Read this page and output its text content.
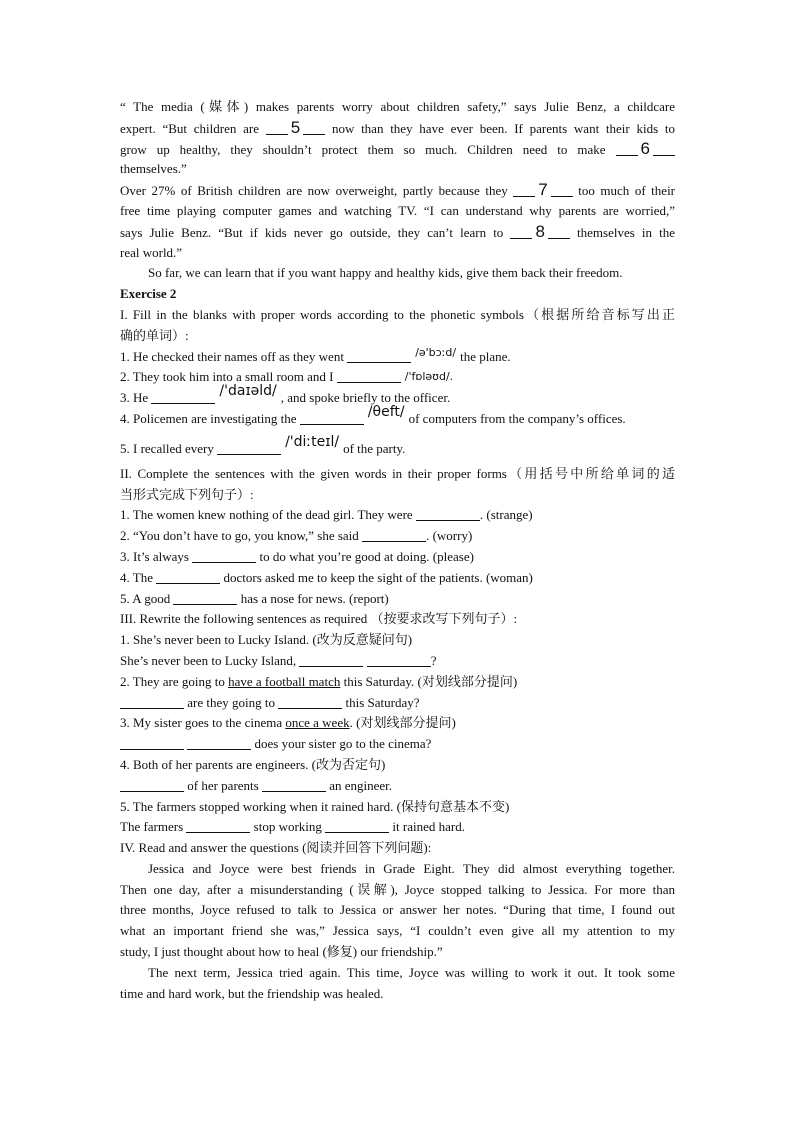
“ The media (媒体) makes parents worry about children safety,” says Julie Benz, a childcare
expert. “But children are 5 now than they have ever been. If parents want their kids to
grow up healthy, they shouldn’t protect them so much. Children need to make 6
themselves.”
Over 27% of British children are now overweight, partly because they 7 too much of their
free time playing computer games and watching TV. “I can understand why parents are worried,”
says Julie Benz. “But if kids never go outside, they can’t learn to 8 themselves in the
real world.”
So far, we can learn that if you want happy and healthy kids, give them back their freedom.
Exercise 2
I. Fill in the blanks with proper words according to the phonetic symbols（根据所给音标写出正
确的单词）:
1. He checked their names off as they went	$^{/ə'bɔːd/}$ the plane.
2. They took him into a small room and I	/'fɒləʊd/.
3. He	/'daɪəld/ , and spoke briefly to the officer.
4. Policemen are investigating the	/θeft/ of computers from the company’s offices.
5. I recalled every	/'diːteɪl/ of the party.
II. Complete the sentences with the given words in their proper forms（用括号中所给单词的适
当形式完成下列句子）:
1. The women knew nothing of the dead girl. They were	. (strange)
2. “You don’t have to go, you know,” she said	. (worry)
3. It’s always	to do what you’re good at doing. (please)
4. The	doctors asked me to keep the sight of the patients. (woman)
5. A good	has a nose for news. (report)
III. Rewrite the following sentences as required （按要求改写下列句子）:
1. She’s never been to Lucky Island. (改为反意疑问句)
She’s never been to Lucky Island,	?
2. They are going to have a football match this Saturday. (对划线部分提问)
are they going to	this Saturday?
3. My sister goes to the cinema once a week. (对划线部分提问)
does your sister go to the cinema?
4. Both of her parents are engineers. (改为否定句)
of her parents	an engineer.
5. The farmers stopped working when it rained hard. (保持句意基本不变)
The farmers	stop working	it rained hard.
IV. Read and answer the questions (阅读并回答下列问题):
Jessica and Joyce were best friends in Grade Eight. They did almost everything together.
Then one day, after a misunderstanding (误解), Joyce stopped talking to Jessica. For more than
three months, Joyce refused to talk to Jessica or answer her notes. “During that time, I found out
what an important friend she was,” Jessica says, “I couldn’t even give all my attention to my
study, I just thought about how to heal (修复) our friendship.”
The next term, Jessica tried again. This time, Joyce was willing to work it out. It took some
time and hard work, but the friendship was healed.
